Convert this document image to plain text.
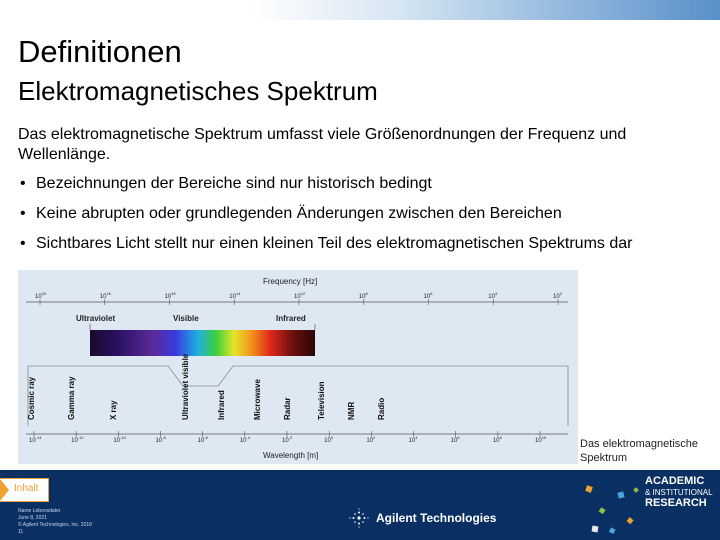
Definitionen
Elektromagnetisches Spektrum
Das elektromagnetische Spektrum umfasst viele Größenordnungen der Frequenz und Wellenlänge.
• Bezeichnungen der Bereiche sind nur historisch bedingt
• Keine abrupten oder grundlegenden Änderungen zwischen den Bereichen
• Sichtbares Licht stellt nur einen kleinen Teil des elektromagnetischen Spektrums dar
Frequency [Hz]
$10^{20}$
$10^{16}$
$10^{15}$
$10^{14}$
$10^{12}$
$10^8$
$10^6$
$10^4$
$10^2$
Ultraviolet	Visible	Infrared
Cosmic ray	Gamma ray	X ray	Ultraviolet visible	Infrared	Microwave	Radar	Television	NMR	Radio
$10^{-14}$
$10^{-12}$
$10^{-10}$
$10^{-8}$
$10^{-6}$
$10^{-4}$
$10^{-2}$
$10^0$
$10^2$
$10^4$
$10^6$
$10^8$
$10^{10}$
Wavelength [m]
Das elektromagnetische Spektrum
Inhalt
Name Lebensdatei
June 8, 2021
© Agilent Technologies, Inc. 2018
11
Agilent Technologies
ACADEMIC
& INSTITUTIONAL
RESEARCH
